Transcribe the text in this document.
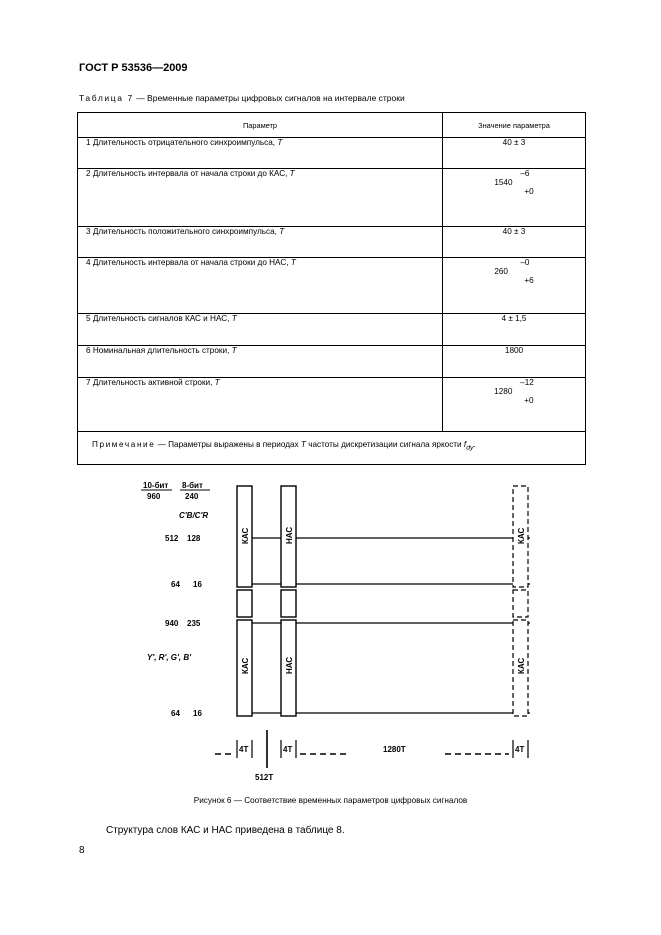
ГОСТ Р 53536—2009
Таблица 7 — Временные параметры цифровых сигналов на интервале строки
Параметр	Значение параметра
1 Длительность отрицательного синхроимпульса, T	40 ± 3
2 Длительность интервала от начала строки до КАС, T	–6
1540
+0

3 Длительность положительного синхроимпульса, T	40 ± 3
4 Длительность интервала от начала строки до НАС, T	–0
260
+6

5 Длительность сигналов КАС и НАС, T	4 ± 1,5
6 Номинальная длительность строки, T	1800
7 Длительность активной строки, T	–12
1280
+0

Примечание — Параметры выражены в периодах T частоты дискретизации сигнала яркости $f_{dy}$.	
10-бит 8-бит
960	240
C'B/C'R
512 128
64 16
940 235
Y', R', G', B'
64 16
КАС
КАС
НАС
НАС
КАС
КАС
4T	4T	1280T	4T
512T
Рисунок 6 — Соответствие временных параметров цифровых сигналов
Структура слов КАС и НАС приведена в таблице 8.
8
